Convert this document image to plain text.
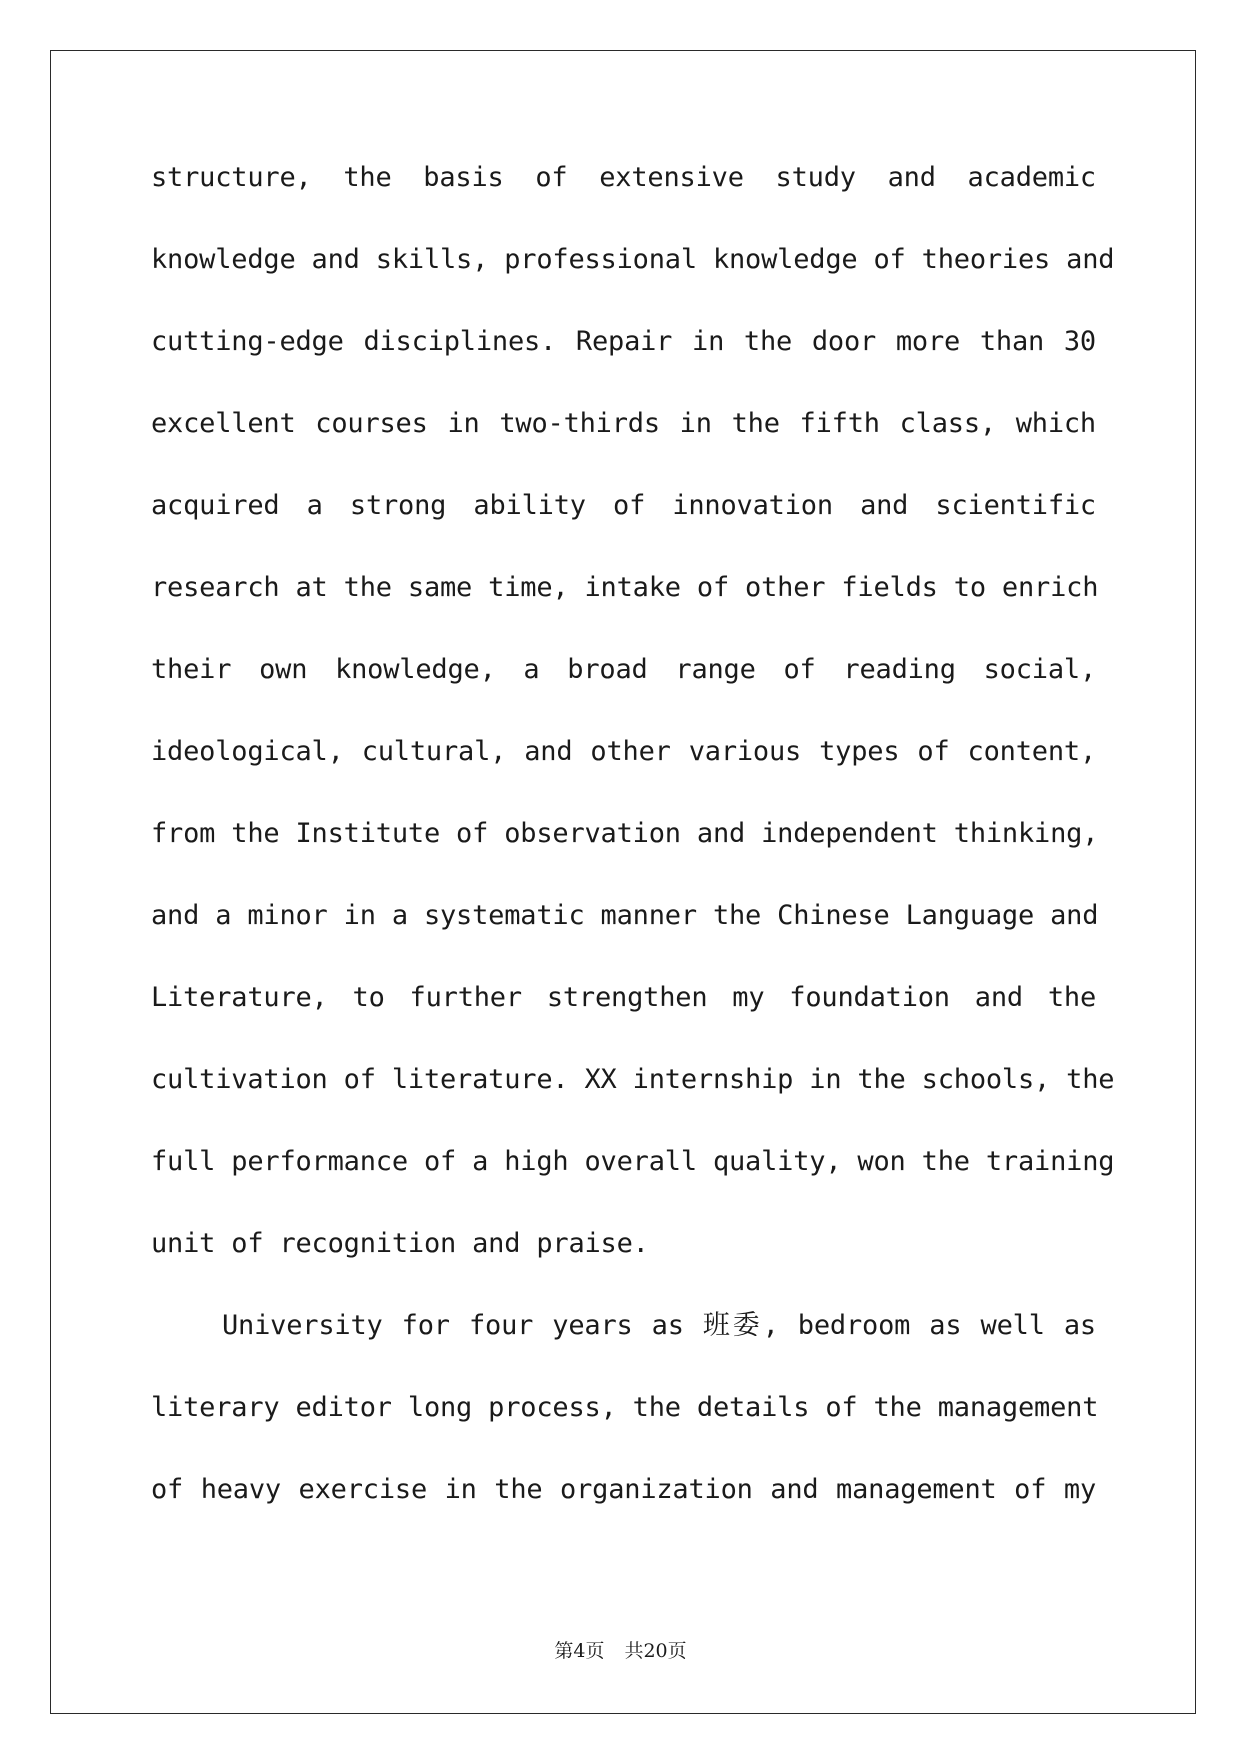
structure, the basis of extensive study and academic
knowledge and skills, professional knowledge of theories and
cutting-edge disciplines. Repair in the door more than 30
excellent courses in two-thirds in the fifth class, which
acquired a strong ability of innovation and scientific
research at the same time, intake of other fields to enrich
their own knowledge, a broad range of reading social,
ideological, cultural, and other various types of content,
from the Institute of observation and independent thinking,
and a minor in a systematic manner the Chinese Language and
Literature, to further strengthen my foundation and the
cultivation of literature. XX internship in the schools, the
full performance of a high overall quality, won the training
unit of recognition and praise.
University for four years as 班委, bedroom as well as
literary editor long process, the details of the management
of heavy exercise in the organization and management of my
第4页 共20页
